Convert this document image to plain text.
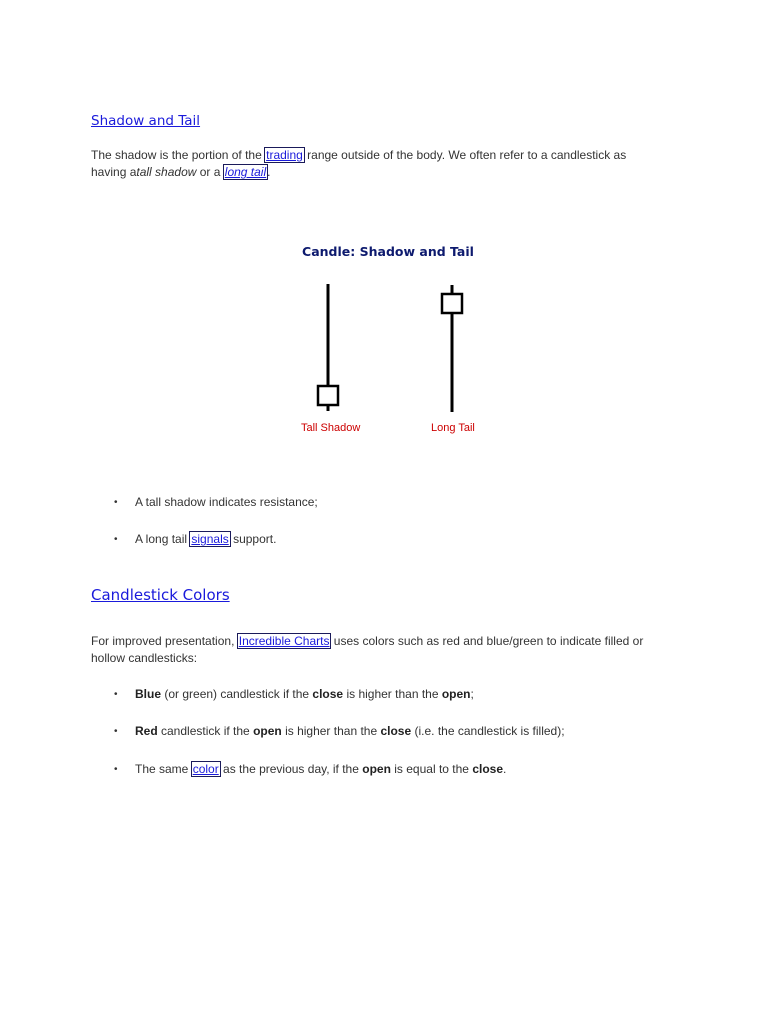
Shadow and Tail
The shadow is the portion of the trading range outside of the body. We often refer to a candlestick as
having atall shadow or a long tail.
Candle: Shadow and Tail
Tall Shadow	Long Tail
• A tall shadow indicates resistance;
• A long tail signals support.
Candlestick Colors
For improved presentation, Incredible Charts uses colors such as red and blue/green to indicate filled or
hollow candlesticks:
• Blue (or green) candlestick if the close is higher than the open;
• Red candlestick if the open is higher than the close (i.e. the candlestick is filled);
• The same color as the previous day, if the open is equal to the close.
